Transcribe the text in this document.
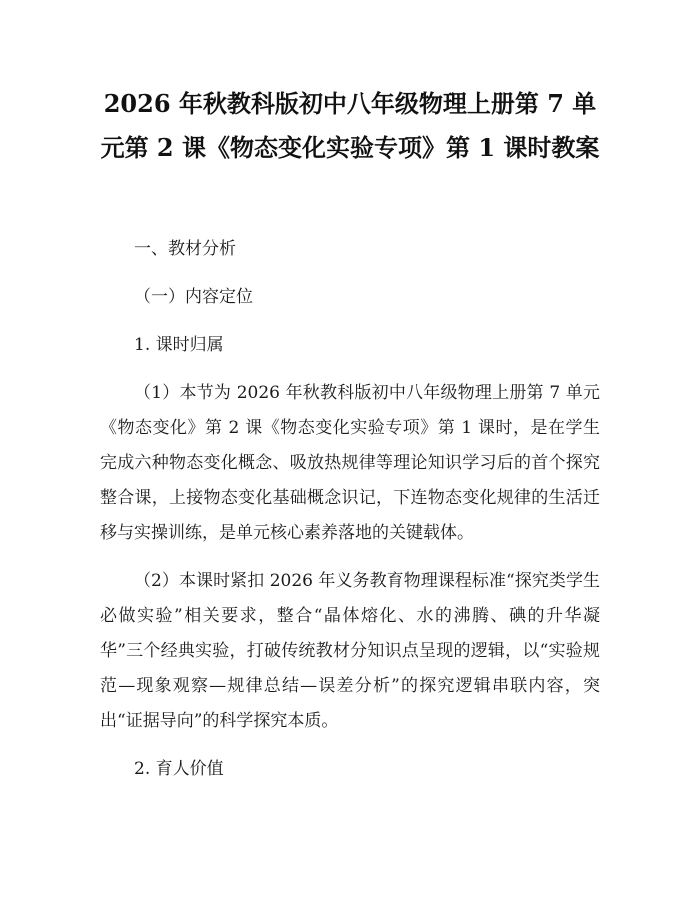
2026 年秋教科版初中八年级物理上册第 7 单元第 2 课《物态变化实验专项》第 1 课时教案

一、教材分析

（一）内容定位

1. 课时归属

（1）本节为 2026 年秋教科版初中八年级物理上册第 7 单元《物态变化》第 2 课《物态变化实验专项》第 1 课时，是在学生完成六种物态变化概念、吸放热规律等理论知识学习后的首个探究整合课，上接物态变化基础概念识记，下连物态变化规律的生活迁移与实操训练，是单元核心素养落地的关键载体。

（2）本课时紧扣 2026 年义务教育物理课程标准“探究类学生必做实验”相关要求，整合“晶体熔化、水的沸腾、碘的升华凝华”三个经典实验，打破传统教材分知识点呈现的逻辑，以“实验规范—现象观察—规律总结—误差分析”的探究逻辑串联内容，突出“证据导向”的科学探究本质。

2. 育人价值
